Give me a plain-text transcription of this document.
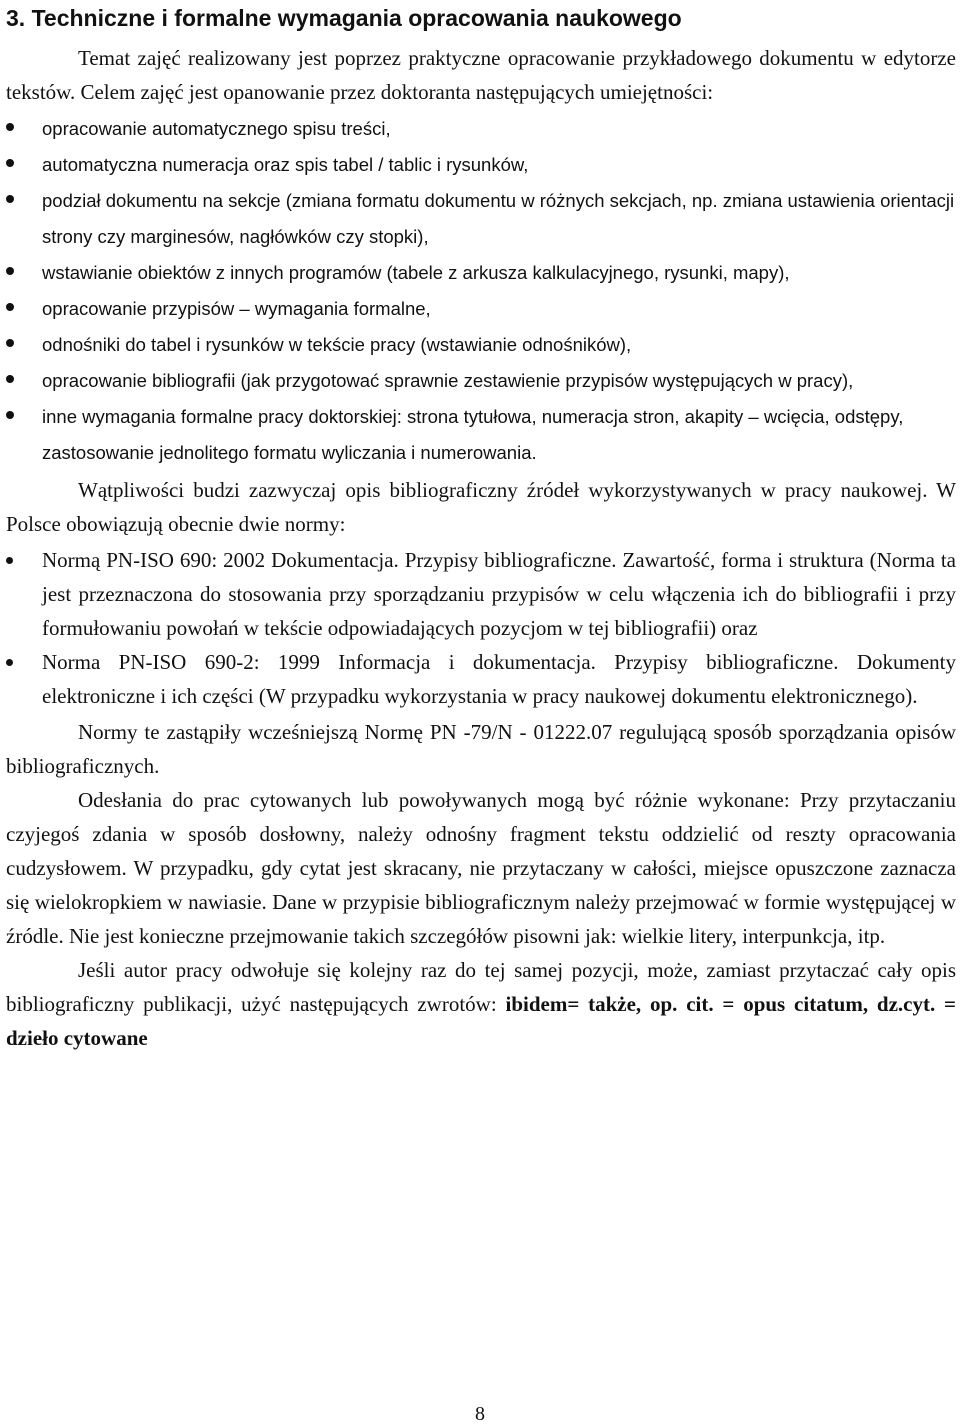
3. Techniczne i formalne wymagania opracowania naukowego

Temat zajęć realizowany jest poprzez praktyczne opracowanie przykładowego dokumentu w edytorze tekstów. Celem zajęć jest opanowanie przez doktoranta następujących umiejętności:

opracowanie automatycznego spisu treści,
automatyczna numeracja oraz spis tabel / tablic i rysunków,
podział dokumentu na sekcje (zmiana formatu dokumentu w różnych sekcjach, np. zmiana ustawienia orientacji strony czy marginesów, nagłówków czy stopki),
wstawianie obiektów z innych programów (tabele z arkusza kalkulacyjnego, rysunki, mapy),
opracowanie przypisów – wymagania formalne,
odnośniki do tabel i rysunków w tekście pracy (wstawianie odnośników),
opracowanie bibliografii (jak przygotować sprawnie zestawienie przypisów występujących w pracy),
inne wymagania formalne pracy doktorskiej: strona tytułowa, numeracja stron, akapity – wcięcia, odstępy, zastosowanie jednolitego formatu wyliczania i numerowania.

Wątpliwości budzi zazwyczaj opis bibliograficzny źródeł wykorzystywanych w pracy naukowej. W Polsce obowiązują obecnie dwie normy:

Normą PN-ISO 690: 2002 Dokumentacja. Przypisy bibliograficzne. Zawartość, forma i struktura (Norma ta jest przeznaczona do stosowania przy sporządzaniu przypisów w celu włączenia ich do bibliografii i przy formułowaniu powołań w tekście odpowiadających pozycjom w tej bibliografii) oraz
Norma PN-ISO 690-2: 1999 Informacja i dokumentacja. Przypisy bibliograficzne. Dokumenty elektroniczne i ich części (W przypadku wykorzystania w pracy naukowej dokumentu elektronicznego).

Normy te zastąpiły wcześniejszą Normę PN -79/N - 01222.07 regulującą sposób sporządzania opisów bibliograficznych.

Odesłania do prac cytowanych lub powoływanych mogą być różnie wykonane: Przy przytaczaniu czyjegoś zdania w sposób dosłowny, należy odnośny fragment tekstu oddzielić od reszty opracowania cudzysłowem. W przypadku, gdy cytat jest skracany, nie przytaczany w całości, miejsce opuszczone zaznacza się wielokropkiem w nawiasie. Dane w przypisie bibliograficznym należy przejmować w formie występującej w źródle. Nie jest konieczne przejmowanie takich szczegółów pisowni jak: wielkie litery, interpunkcja, itp.

Jeśli autor pracy odwołuje się kolejny raz do tej samej pozycji, może, zamiast przytaczać cały opis bibliograficzny publikacji, użyć następujących zwrotów: ibidem= także, op. cit. = opus citatum, dz.cyt. = dzieło cytowane

8
